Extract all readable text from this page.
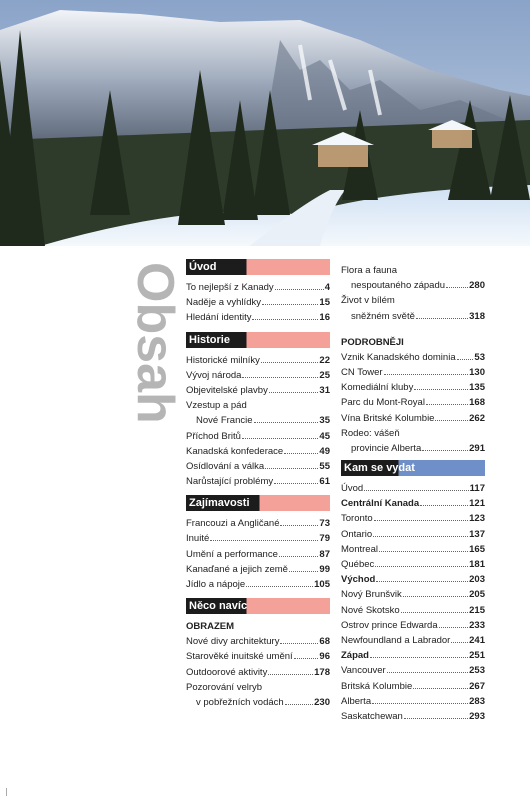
Obsah Úvod
To nejlepší z Kanady	4
Naděje a vyhlídky	15
Hledání identity	16
Historie
Historické milníky	22
Vývoj národa	25
Objevitelské plavby	31
Vzestup a pád
Nové Francie	35
Příchod Britů	45
Kanadská konfederace	49
Osídlování a válka	55
Narůstající problémy	61
Zajímavosti
Francouzi a Angličané	73
Inuité	79
Umění a performance	87
Kanaďané a jejich země	99
Jídlo a nápoje	105
Něco navíc
OBRAZEM
Nové divy architektury	68
Starověké inuitské umění	96
Outdoorové aktivity	178
Pozorování velryb
v pobřežních vodách	230
Flora a fauna
nespoutaného západu	280
Život v bílém
sněžném světě	318
PODROBNĚJI
Vznik Kanadského dominia 53
CN Tower	130
Komediální kluby	135
Parc du Mont-Royal	168
Vína Britské Kolumbie	262
Rodeo: vášeň
provincie Alberta	291
Kam se vydat
Úvod	117
Centrální Kanada	121
Toronto	123
Ontario	137
Montreal	165
Québec	181
Východ	203
Nový Brunšvik	205
Nové Skotsko	215
Ostrov prince Edwarda	233
Newfoundland a Labrador 241
Západ	251
Vancouver	253
Britská Kolumbie	267
Alberta	283
Saskatchewan	293
